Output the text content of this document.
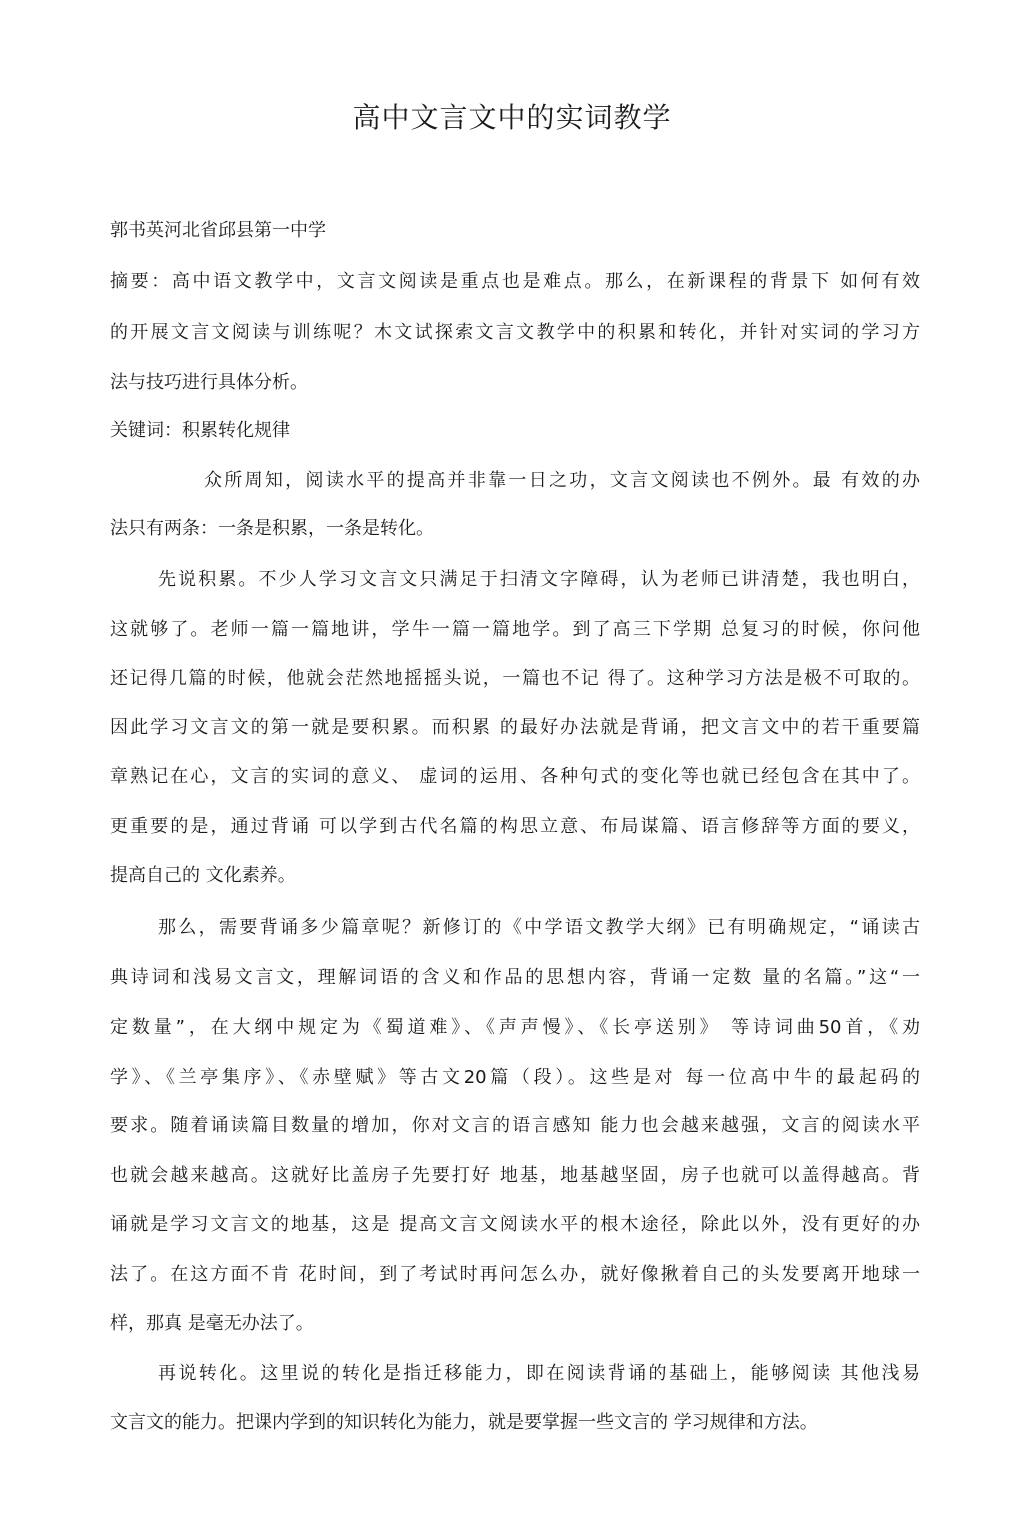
高中文言文中的实词教学

郭书英河北省邱县第一中学

摘要：高中语文教学中，文言文阅读是重点也是难点。那么，在新课程的背景下 如何有效

的开展文言文阅读与训练呢？木文试探索文言文教学中的积累和转化，并针对实词的学习方

法与技巧进行具体分析。

关键词：积累转化规律

众所周知，阅读水平的提高并非靠一日之功，文言文阅读也不例外。最 有效的办

法只有两条：一条是积累，一条是转化。

先说积累。不少人学习文言文只满足于扫清文字障碍，认为老师已讲清楚，我也明白，

这就够了。老师一篇一篇地讲，学牛一篇一篇地学。到了高三下学期 总复习的时候，你问他

还记得几篇的时候，他就会茫然地摇摇头说，一篇也不记 得了。这种学习方法是极不可取的。

因此学习文言文的第一就是要积累。而积累 的最好办法就是背诵，把文言文中的若干重要篇

章熟记在心，文言的实词的意义、 虚词的运用、各种句式的变化等也就已经包含在其中了。

更重要的是，通过背诵 可以学到古代名篇的构思立意、布局谋篇、语言修辞等方面的要义，

提高自己的 文化素养。

那么，需要背诵多少篇章呢？新修订的《中学语文教学大纲》已有明确规定，“诵读古

典诗词和浅易文言文，理解词语的含义和作品的思想内容，背诵一定数 量的名篇。”这“一

定数量”，在大纲中规定为《蜀道难》、《声声慢》、《长亭送别》 等诗词曲50首，《劝

学》、《兰亭集序》、《赤壁赋》等古文20篇（段）。这些是对 每一位高中牛的最起码的

要求。随着诵读篇目数量的增加，你对文言的语言感知 能力也会越来越强，文言的阅读水平

也就会越来越高。这就好比盖房子先要打好 地基，地基越坚固，房子也就可以盖得越高。背

诵就是学习文言文的地基，这是 提高文言文阅读水平的根木途径，除此以外，没有更好的办

法了。在这方面不肯 花时间，到了考试时再问怎么办，就好像揪着自己的头发要离开地球一

样，那真 是毫无办法了。

再说转化。这里说的转化是指迁移能力，即在阅读背诵的基础上，能够阅读 其他浅易

文言文的能力。把课内学到的知识转化为能力，就是要掌握一些文言的 学习规律和方法。
